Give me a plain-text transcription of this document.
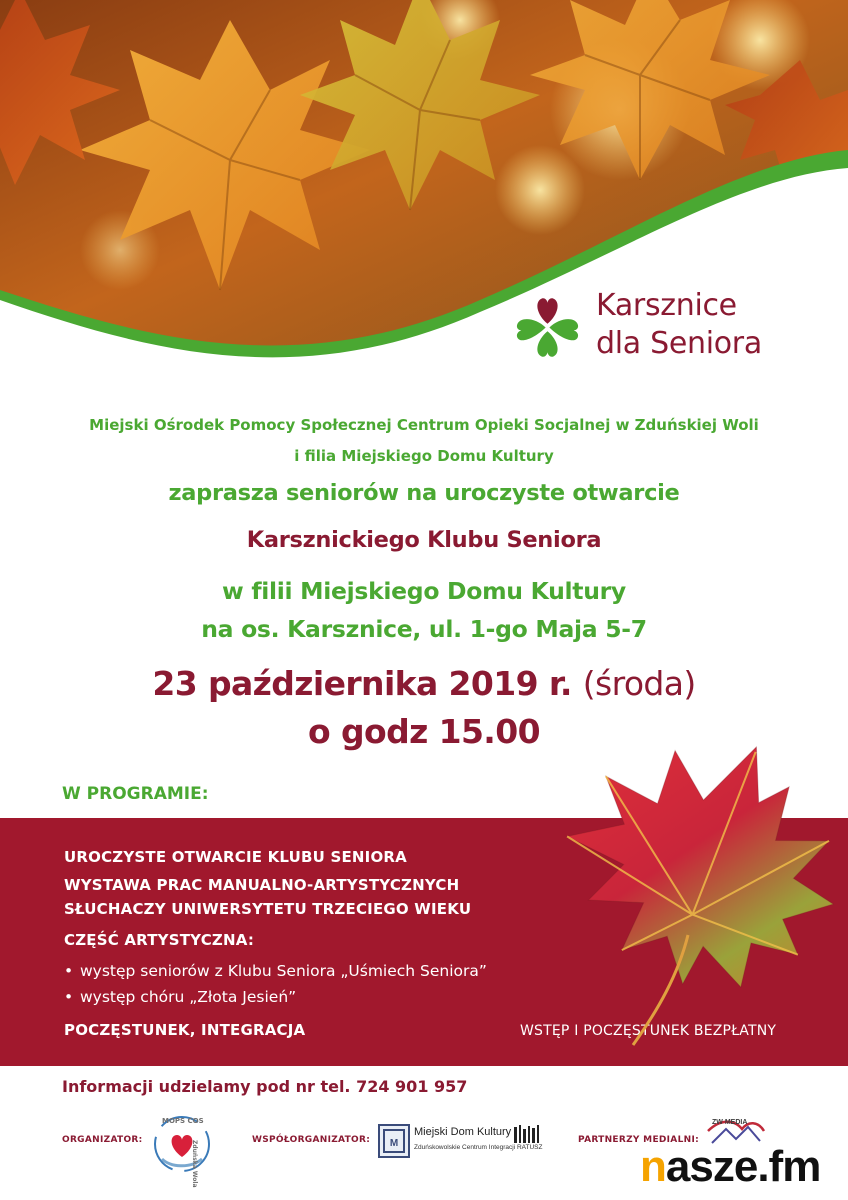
Karsznice
dla Seniora
Miejski Ośrodek Pomocy Społecznej Centrum Opieki Socjalnej w Zduńskiej Woli
i filia Miejskiego Domu Kultury
zaprasza seniorów na uroczyste otwarcie
Karsznickiego Klubu Seniora
w filii Miejskiego Domu Kultury
na os. Karsznice, ul. 1-go Maja 5-7
23 października 2019 r. (środa)
o godz 15.00
W PROGRAMIE:
UROCZYSTE OTWARCIE KLUBU SENIORA
WYSTAWA PRAC MANUALNO-ARTYSTYCZNYCH
SŁUCHACZY UNIWERSYTETU TRZECIEGO WIEKU
CZĘŚĆ ARTYSTYCZNA:
• występ seniorów z Klubu Seniora „Uśmiech Seniora”
• występ chóru „Złota Jesień”
POCZĘSTUNEK, INTEGRACJA	WSTĘP I POCZĘSTUNEK BEZPŁATNY
Informacji udzielamy pod nr tel. 724 901 957
ORGANIZATOR:
MOPS COS
Zduńska Wola	WSPÓŁORGANIZATOR: M
Miejski Dom Kultury
Zduńskowolskie Centrum Integracji RATUSZ
PARTNERZY MEDIALNI:
ZW MEDIA
nasze.fm
